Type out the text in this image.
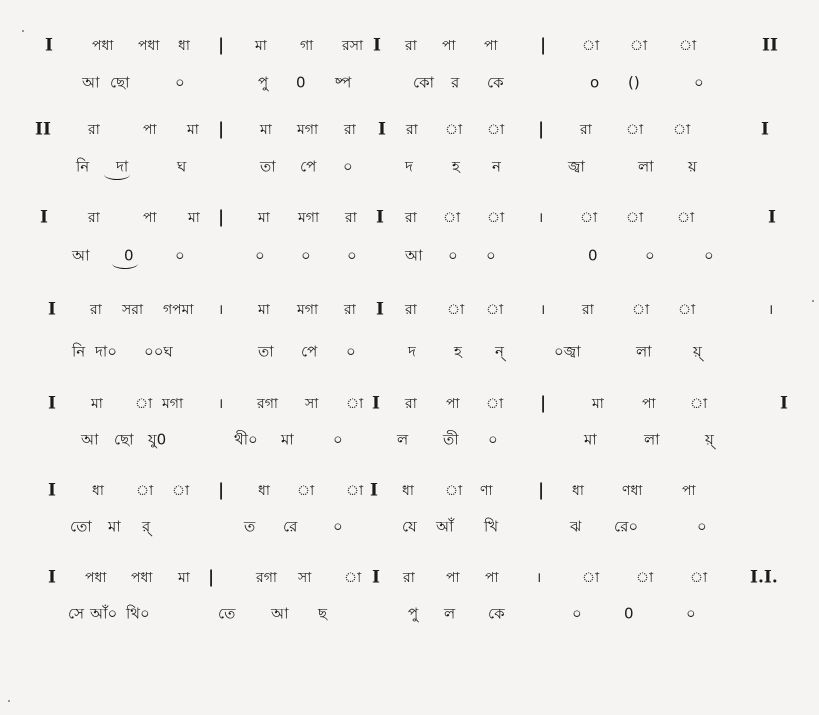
I	পধা পধা ধা | মা গা রসা I রা পা পা |	া া া	II
আ ছো	০	পু 0 ষ্প	কো র কে	o ()	০
II	রা	পা মা |	মা মগা রা I রা া া |	রা া া	I
নি দা	ঘ	তা পে ০	দ	হ ন	জ্বা	লা য়
I	রা	পা মা | মা মগা রা I রা া া ।	া া া	I
আ 0	০	০ ০ ০	আ ০ ০	0	০	০
I রা সরা গপমা । মা মগা রা I রা া া	।	রা	া া	।
নি দা০ ০০ঘ	তা পে ০	দ	হ ন্	০জ্বা	লা	য়্
I	মা া মগা । রগা সা া I রা পা া |	মা	পা া	I
আ ছো যু0	থী০ মা	০	ল তী ০	মা	লা	য়্
I	ধা া া | ধা া া I ধা া ণা	| ধা	ণধা	পা
তো মা র্	ত রে ০	যে আঁ খি	ঝ রে০	০
I পধা পধা মা |	রগা সা া I রা পা পা	।	া	া	া	I.I.
সে আঁ০ থি০	তে আ ছ	পু ল কে	০	0	০
